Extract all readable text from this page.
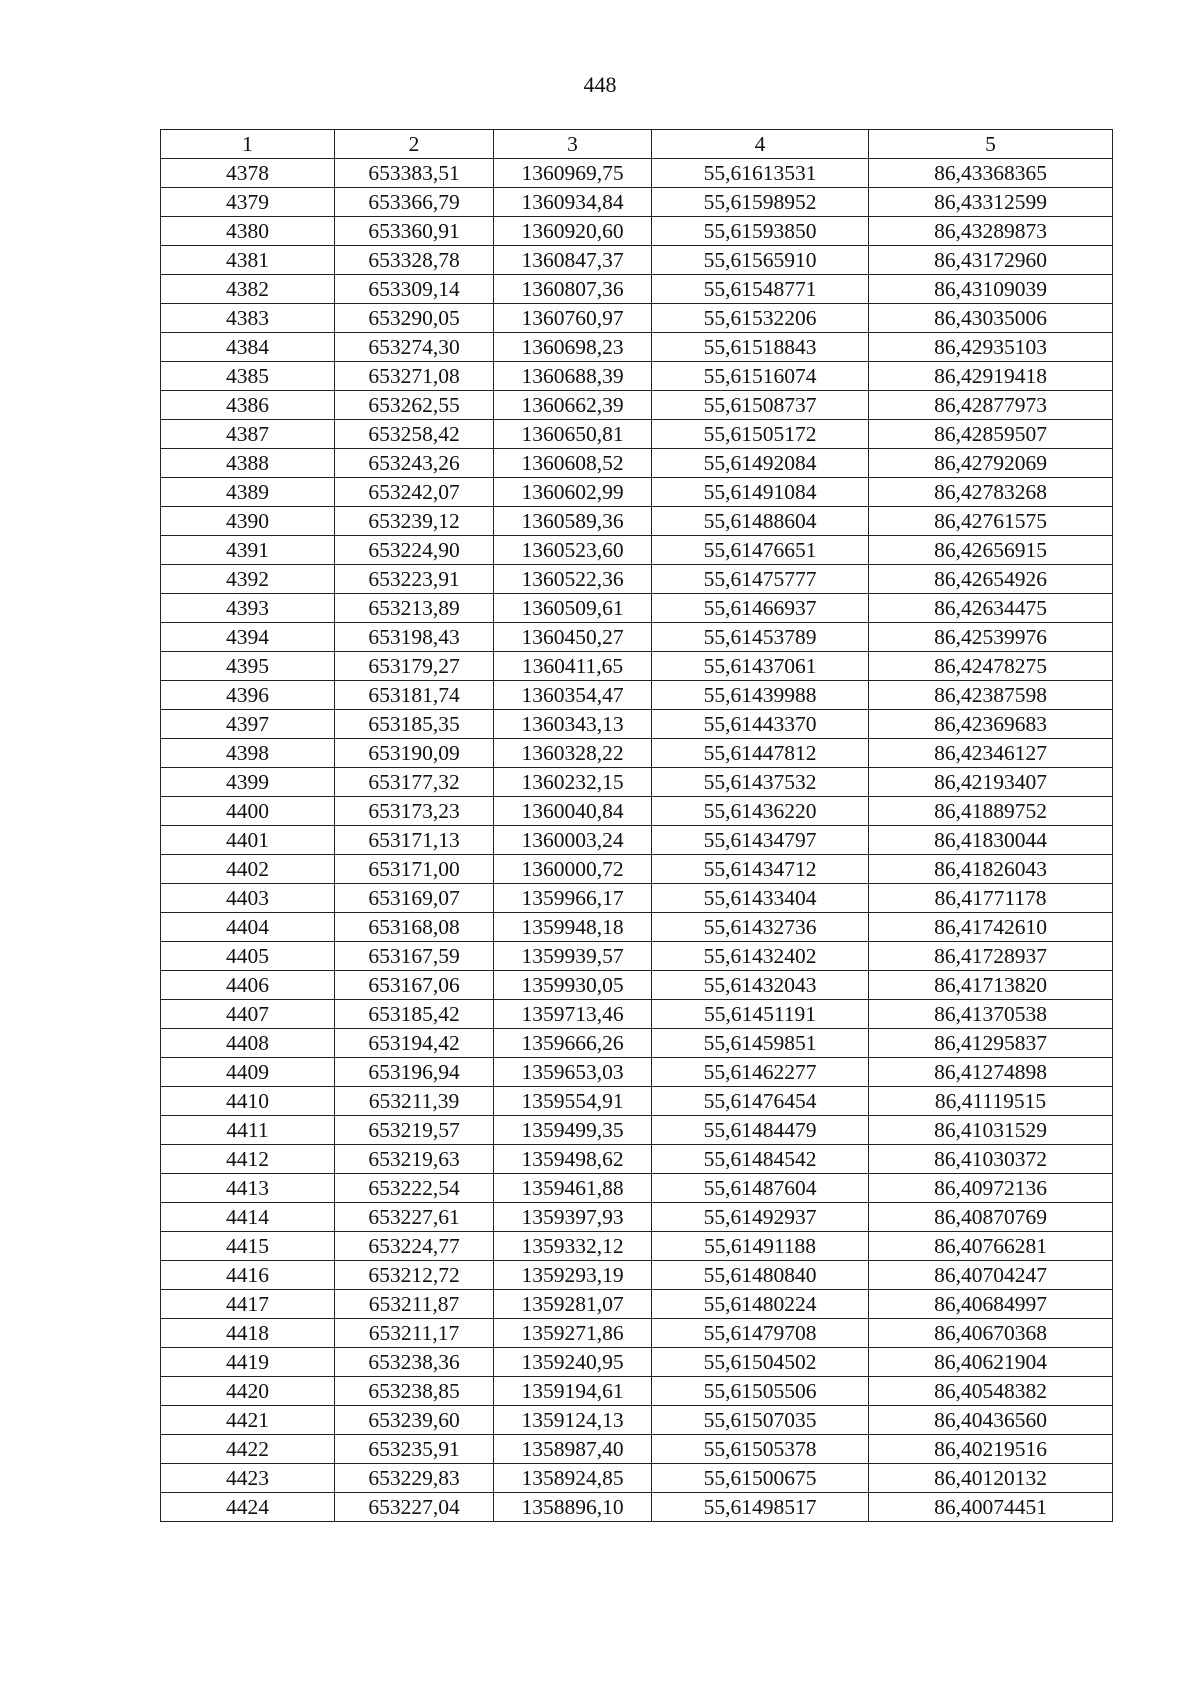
448
1	2	3	4	5
4378	653383,51	1360969,75	55,61613531	86,43368365
4379	653366,79	1360934,84	55,61598952	86,43312599
4380	653360,91	1360920,60	55,61593850	86,43289873
4381	653328,78	1360847,37	55,61565910	86,43172960
4382	653309,14	1360807,36	55,61548771	86,43109039
4383	653290,05	1360760,97	55,61532206	86,43035006
4384	653274,30	1360698,23	55,61518843	86,42935103
4385	653271,08	1360688,39	55,61516074	86,42919418
4386	653262,55	1360662,39	55,61508737	86,42877973
4387	653258,42	1360650,81	55,61505172	86,42859507
4388	653243,26	1360608,52	55,61492084	86,42792069
4389	653242,07	1360602,99	55,61491084	86,42783268
4390	653239,12	1360589,36	55,61488604	86,42761575
4391	653224,90	1360523,60	55,61476651	86,42656915
4392	653223,91	1360522,36	55,61475777	86,42654926
4393	653213,89	1360509,61	55,61466937	86,42634475
4394	653198,43	1360450,27	55,61453789	86,42539976
4395	653179,27	1360411,65	55,61437061	86,42478275
4396	653181,74	1360354,47	55,61439988	86,42387598
4397	653185,35	1360343,13	55,61443370	86,42369683
4398	653190,09	1360328,22	55,61447812	86,42346127
4399	653177,32	1360232,15	55,61437532	86,42193407
4400	653173,23	1360040,84	55,61436220	86,41889752
4401	653171,13	1360003,24	55,61434797	86,41830044
4402	653171,00	1360000,72	55,61434712	86,41826043
4403	653169,07	1359966,17	55,61433404	86,41771178
4404	653168,08	1359948,18	55,61432736	86,41742610
4405	653167,59	1359939,57	55,61432402	86,41728937
4406	653167,06	1359930,05	55,61432043	86,41713820
4407	653185,42	1359713,46	55,61451191	86,41370538
4408	653194,42	1359666,26	55,61459851	86,41295837
4409	653196,94	1359653,03	55,61462277	86,41274898
4410	653211,39	1359554,91	55,61476454	86,41119515
4411	653219,57	1359499,35	55,61484479	86,41031529
4412	653219,63	1359498,62	55,61484542	86,41030372
4413	653222,54	1359461,88	55,61487604	86,40972136
4414	653227,61	1359397,93	55,61492937	86,40870769
4415	653224,77	1359332,12	55,61491188	86,40766281
4416	653212,72	1359293,19	55,61480840	86,40704247
4417	653211,87	1359281,07	55,61480224	86,40684997
4418	653211,17	1359271,86	55,61479708	86,40670368
4419	653238,36	1359240,95	55,61504502	86,40621904
4420	653238,85	1359194,61	55,61505506	86,40548382
4421	653239,60	1359124,13	55,61507035	86,40436560
4422	653235,91	1358987,40	55,61505378	86,40219516
4423	653229,83	1358924,85	55,61500675	86,40120132
4424	653227,04	1358896,10	55,61498517	86,40074451
